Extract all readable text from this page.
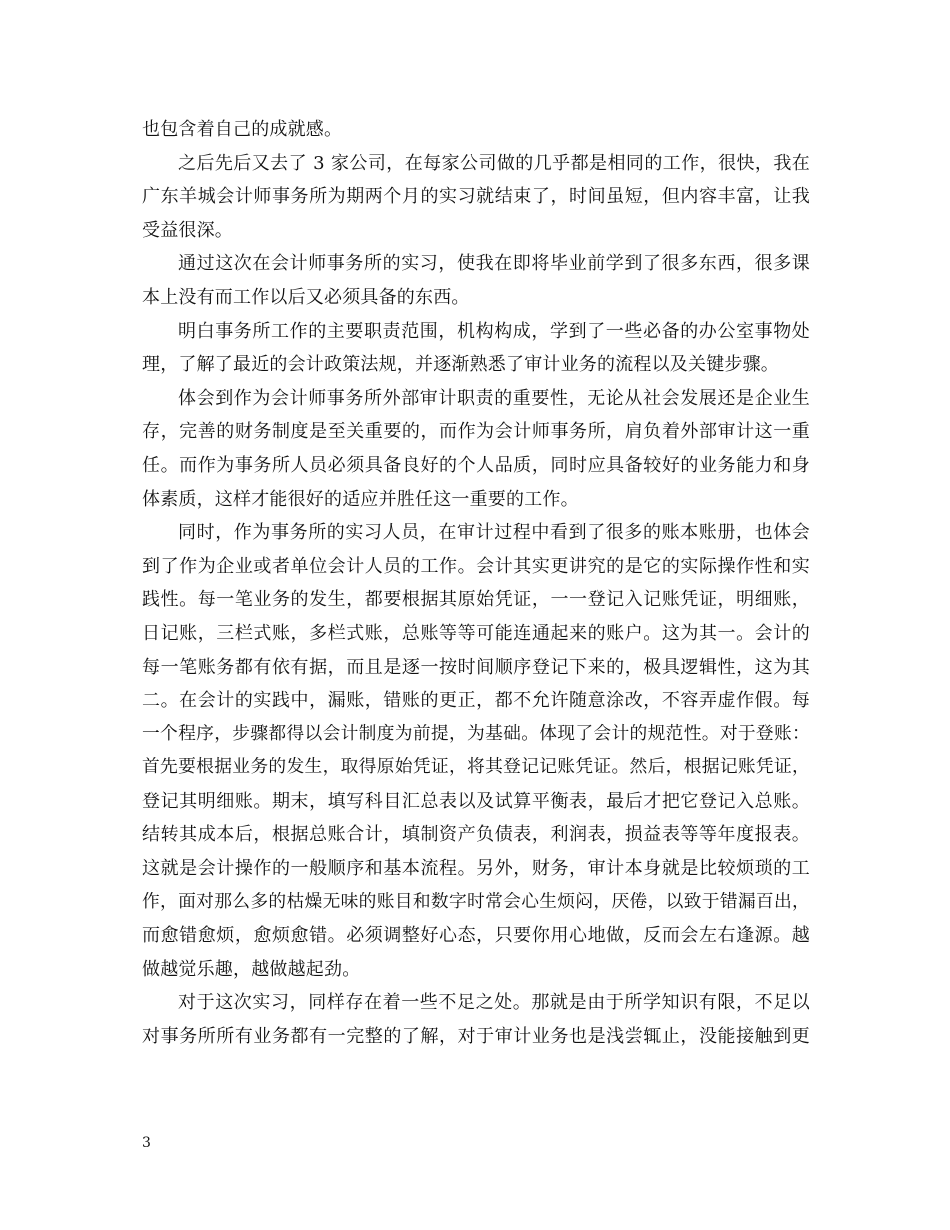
也包含着自己的成就感。
之后先后又去了 3 家公司，在每家公司做的几乎都是相同的工作，很快，我在
广东羊城会计师事务所为期两个月的实习就结束了，时间虽短，但内容丰富，让我
受益很深。
通过这次在会计师事务所的实习，使我在即将毕业前学到了很多东西，很多课
本上没有而工作以后又必须具备的东西。
明白事务所工作的主要职责范围，机构构成，学到了一些必备的办公室事物处
理，了解了最近的会计政策法规，并逐渐熟悉了审计业务的流程以及关键步骤。
体会到作为会计师事务所外部审计职责的重要性，无论从社会发展还是企业生
存，完善的财务制度是至关重要的，而作为会计师事务所，肩负着外部审计这一重
任。而作为事务所人员必须具备良好的个人品质，同时应具备较好的业务能力和身
体素质，这样才能很好的适应并胜任这一重要的工作。
同时，作为事务所的实习人员，在审计过程中看到了很多的账本账册，也体会
到了作为企业或者单位会计人员的工作。会计其实更讲究的是它的实际操作性和实
践性。每一笔业务的发生，都要根据其原始凭证，一一登记入记账凭证，明细账，
日记账，三栏式账，多栏式账，总账等等可能连通起来的账户。这为其一。会计的
每一笔账务都有依有据，而且是逐一按时间顺序登记下来的，极具逻辑性，这为其
二。在会计的实践中，漏账，错账的更正，都不允许随意涂改，不容弄虚作假。每
一个程序，步骤都得以会计制度为前提，为基础。体现了会计的规范性。对于登账：
首先要根据业务的发生，取得原始凭证，将其登记记账凭证。然后，根据记账凭证，
登记其明细账。期末，填写科目汇总表以及试算平衡表，最后才把它登记入总账。
结转其成本后，根据总账合计，填制资产负债表，利润表，损益表等等年度报表。
这就是会计操作的一般顺序和基本流程。另外，财务，审计本身就是比较烦琐的工
作，面对那么多的枯燥无味的账目和数字时常会心生烦闷，厌倦，以致于错漏百出，
而愈错愈烦，愈烦愈错。必须调整好心态，只要你用心地做，反而会左右逢源。越
做越觉乐趣，越做越起劲。
对于这次实习，同样存在着一些不足之处。那就是由于所学知识有限，不足以
对事务所所有业务都有一完整的了解，对于审计业务也是浅尝辄止，没能接触到更
3
